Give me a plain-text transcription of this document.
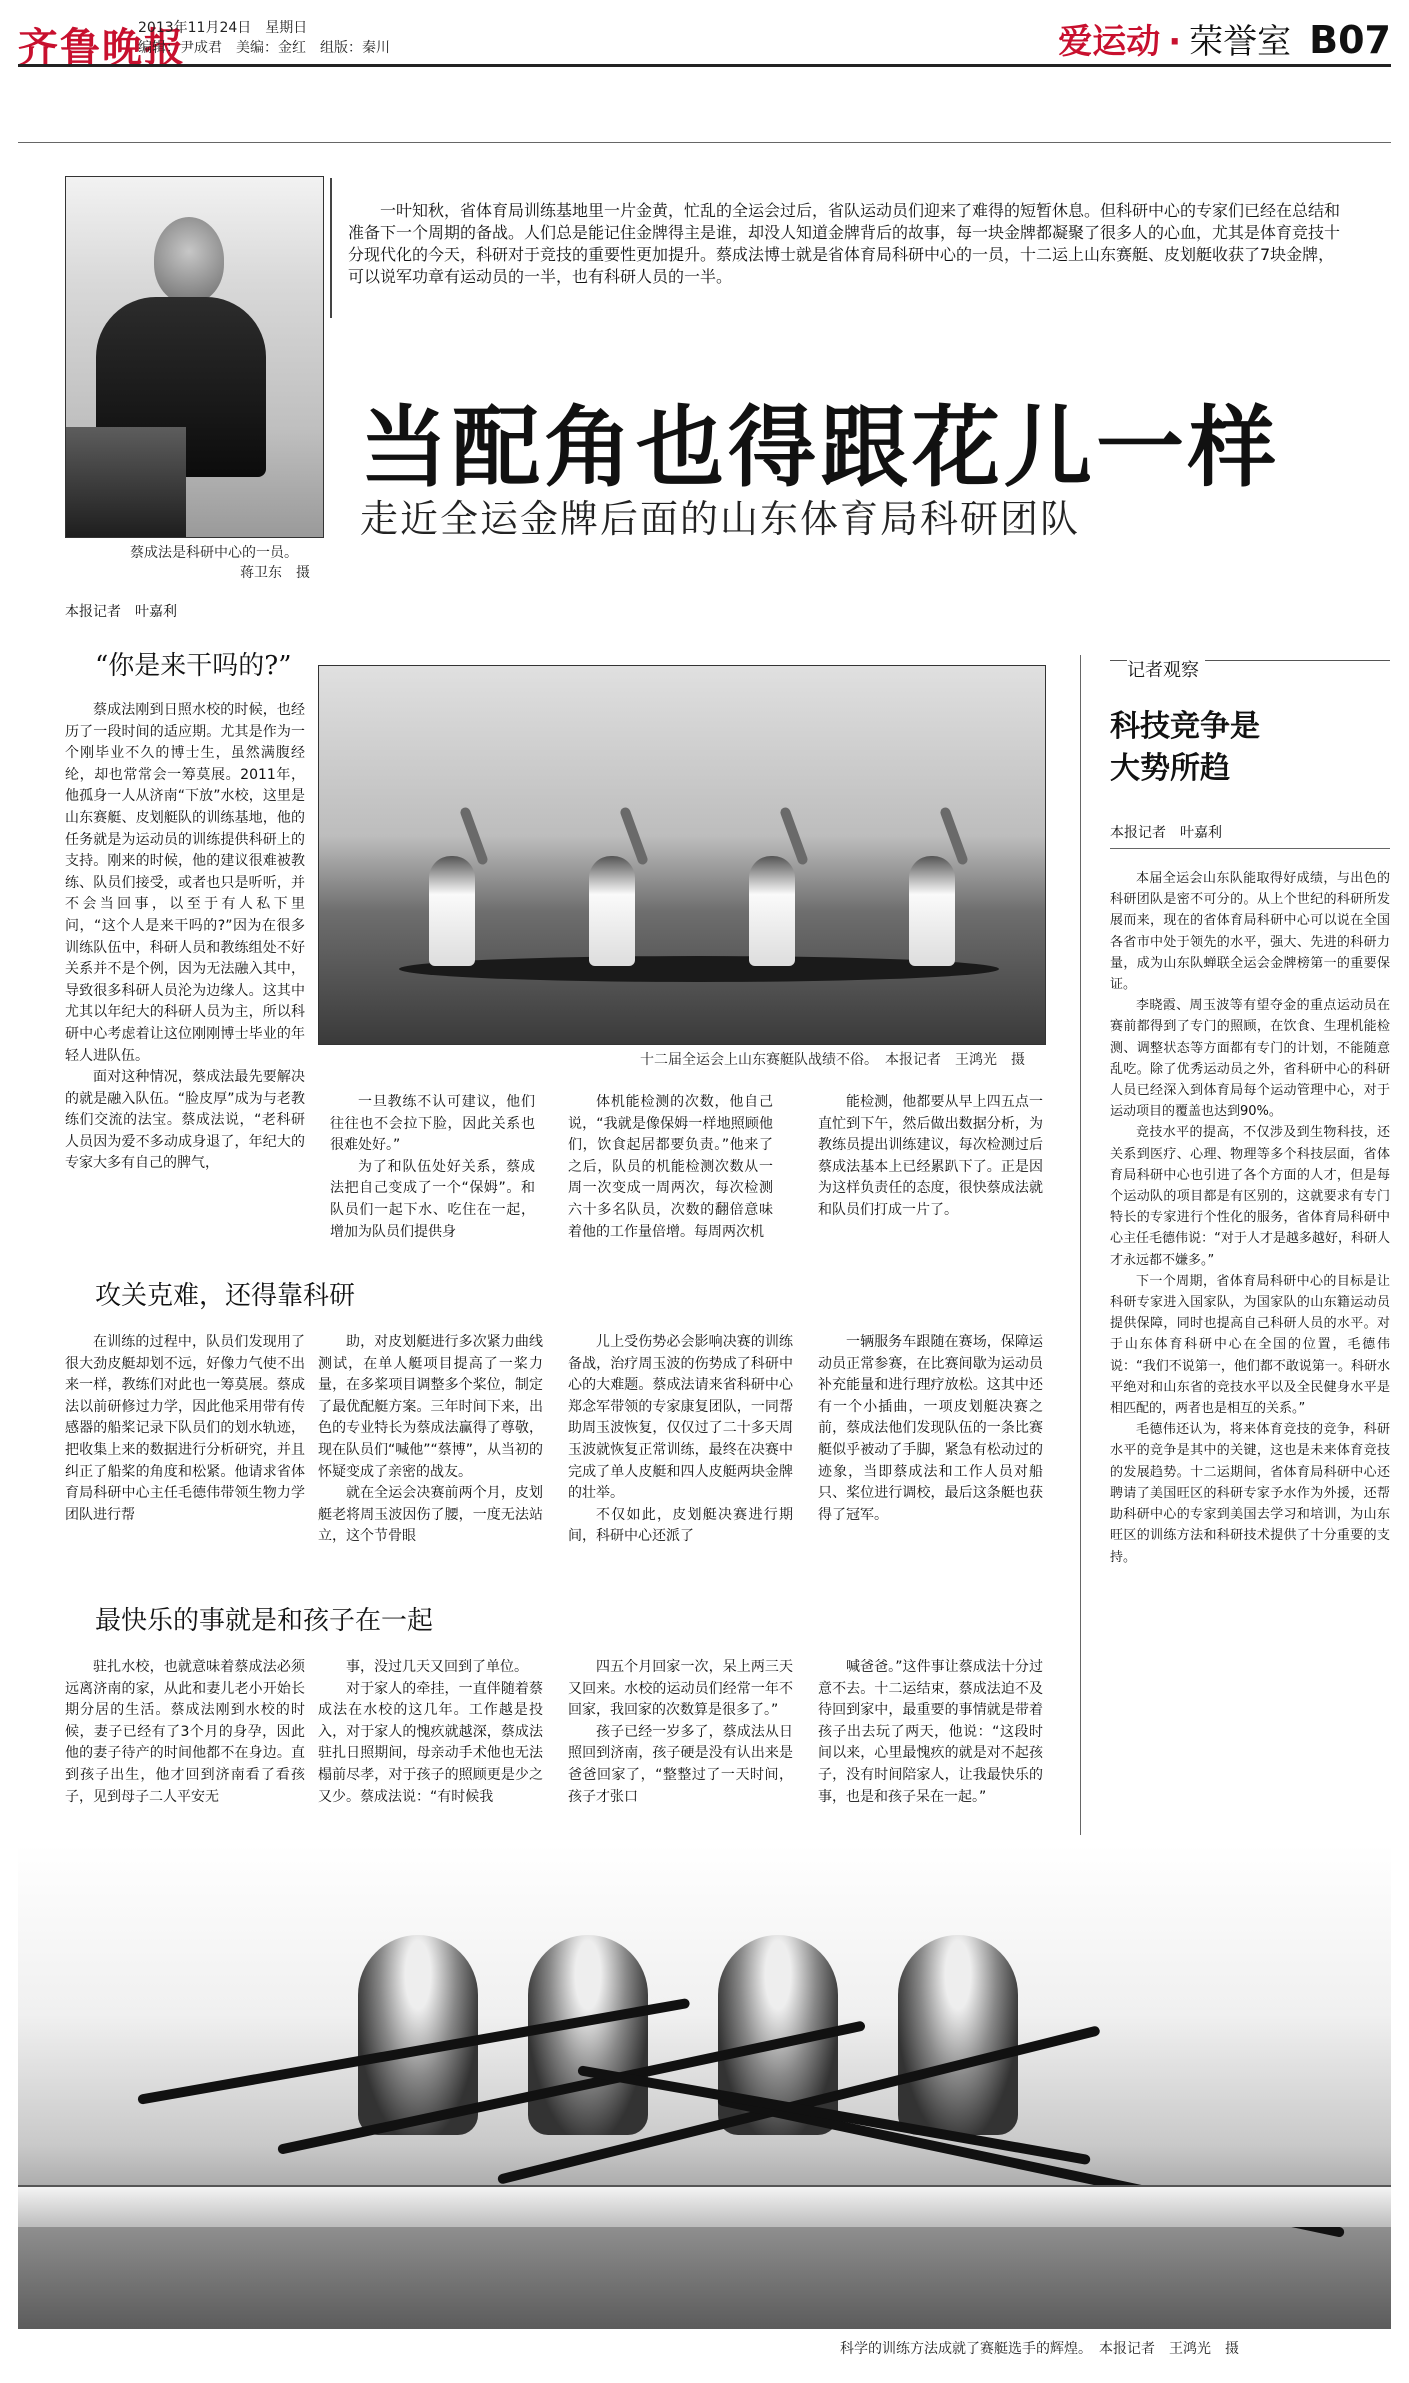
齐鲁晚报
2013年11月24日　星期日
编辑：尹成君　美编：金红　组版：秦川	爱运动 · 荣誉室 B07
蔡成法是科研中心的一员。
蒋卫东　摄
一叶知秋，省体育局训练基地里一片金黄，忙乱的全运会过后，省队运动员们迎来了难得的短暂休息。但科研中心的专家们已经在总结和准备下一个周期的备战。人们总是能记住金牌得主是谁，却没人知道金牌背后的故事，每一块金牌都凝聚了很多人的心血，尤其是体育竞技十分现代化的今天，科研对于竞技的重要性更加提升。蔡成法博士就是省体育局科研中心的一员，十二运上山东赛艇、皮划艇收获了7块金牌，可以说军功章有运动员的一半，也有科研人员的一半。
当配角也得跟花儿一样
走近全运金牌后面的山东体育局科研团队
本报记者　叶嘉利
“你是来干吗的?”

蔡成法刚到日照水校的时候，也经历了一段时间的适应期。尤其是作为一个刚毕业不久的博士生，虽然满腹经纶，却也常常会一筹莫展。2011年，他孤身一人从济南“下放”水校，这里是山东赛艇、皮划艇队的训练基地，他的任务就是为运动员的训练提供科研上的支持。刚来的时候，他的建议很难被教练、队员们接受，或者也只是听听，并不会当回事，以至于有人私下里问，“这个人是来干吗的?”因为在很多训练队伍中，科研人员和教练组处不好关系并不是个例，因为无法融入其中，导致很多科研人员沦为边缘人。这其中尤其以年纪大的科研人员为主，所以科研中心考虑着让这位刚刚博士毕业的年轻人进队伍。

面对这种情况，蔡成法最先要解决的就是融入队伍。“脸皮厚”成为与老教练们交流的法宝。蔡成法说，“老科研人员因为爱不多动成身退了，年纪大的专家大多有自己的脾气，

十二届全运会上山东赛艇队战绩不俗。　本报记者　王鸿光　摄

一旦教练不认可建议，他们往往也不会拉下脸，因此关系也很难处好。”

为了和队伍处好关系，蔡成法把自己变成了一个“保姆”。和队员们一起下水、吃住在一起，增加为队员们提供身

体机能检测的次数，他自己说，“我就是像保姆一样地照顾他们，饮食起居都要负责。”他来了之后，队员的机能检测次数从一周一次变成一周两次，每次检测六十多名队员，次数的翻倍意味着他的工作量倍增。每周两次机

能检测，他都要从早上四五点一直忙到下午，然后做出数据分析，为教练员提出训练建议，每次检测过后蔡成法基本上已经累趴下了。正是因为这样负责任的态度，很快蔡成法就和队员们打成一片了。

攻关克难，还得靠科研

在训练的过程中，队员们发现用了很大劲皮艇却划不远，好像力气使不出来一样，教练们对此也一筹莫展。蔡成法以前研修过力学，因此他采用带有传感器的船桨记录下队员们的划水轨迹，把收集上来的数据进行分析研究，并且纠正了船桨的角度和松紧。他请求省体育局科研中心主任毛德伟带领生物力学团队进行帮

助，对皮划艇进行多次紧力曲线测试，在单人艇项目提高了一桨力量，在多桨项目调整多个桨位，制定了最优配艇方案。三年时间下来，出色的专业特长为蔡成法赢得了尊敬，现在队员们“喊他”“蔡博”，从当初的怀疑变成了亲密的战友。

就在全运会决赛前两个月，皮划艇老将周玉波因伤了腰，一度无法站立，这个节骨眼

儿上受伤势必会影响决赛的训练备战，治疗周玉波的伤势成了科研中心的大难题。蔡成法请来省科研中心郑念军带领的专家康复团队，一同帮助周玉波恢复，仅仅过了二十多天周玉波就恢复正常训练，最终在决赛中完成了单人皮艇和四人皮艇两块金牌的壮举。

不仅如此，皮划艇决赛进行期间，科研中心还派了

一辆服务车跟随在赛场，保障运动员正常参赛，在比赛间歇为运动员补充能量和进行理疗放松。这其中还有一个小插曲，一项皮划艇决赛之前，蔡成法他们发现队伍的一条比赛艇似乎被动了手脚，紧急有松动过的迹象，当即蔡成法和工作人员对船只、桨位进行调校，最后这条艇也获得了冠军。

最快乐的事就是和孩子在一起

驻扎水校，也就意味着蔡成法必须远离济南的家，从此和妻儿老小开始长期分居的生活。蔡成法刚到水校的时候，妻子已经有了3个月的身孕，因此他的妻子待产的时间他都不在身边。直到孩子出生，他才回到济南看了看孩子，见到母子二人平安无

事，没过几天又回到了单位。

对于家人的牵挂，一直伴随着蔡成法在水校的这几年。工作越是投入，对于家人的愧疚就越深，蔡成法驻扎日照期间，母亲动手术他也无法榻前尽孝，对于孩子的照顾更是少之又少。蔡成法说：“有时候我

四五个月回家一次，呆上两三天又回来。水校的运动员们经常一年不回家，我回家的次数算是很多了。”

孩子已经一岁多了，蔡成法从日照回到济南，孩子硬是没有认出来是爸爸回家了，“整整过了一天时间，孩子才张口

喊爸爸。”这件事让蔡成法十分过意不去。十二运结束，蔡成法迫不及待回到家中，最重要的事情就是带着孩子出去玩了两天，他说：“这段时间以来，心里最愧疚的就是对不起孩子，没有时间陪家人，让我最快乐的事，也是和孩子呆在一起。”

记者观察
科技竞争是
大势所趋
本报记者　叶嘉利

本届全运会山东队能取得好成绩，与出色的科研团队是密不可分的。从上个世纪的科研所发展而来，现在的省体育局科研中心可以说在全国各省市中处于领先的水平，强大、先进的科研力量，成为山东队蝉联全运会金牌榜第一的重要保证。

李晓霞、周玉波等有望夺金的重点运动员在赛前都得到了专门的照顾，在饮食、生理机能检测、调整状态等方面都有专门的计划，不能随意乱吃。除了优秀运动员之外，省科研中心的科研人员已经深入到体育局每个运动管理中心，对于运动项目的覆盖也达到90%。

竞技水平的提高，不仅涉及到生物科技，还关系到医疗、心理、物理等多个科技层面，省体育局科研中心也引进了各个方面的人才，但是每个运动队的项目都是有区别的，这就要求有专门特长的专家进行个性化的服务，省体育局科研中心主任毛德伟说：“对于人才是越多越好，科研人才永远都不嫌多。”

下一个周期，省体育局科研中心的目标是让科研专家进入国家队，为国家队的山东籍运动员提供保障，同时也提高自己科研人员的水平。对于山东体育科研中心在全国的位置，毛德伟说：“我们不说第一，他们都不敢说第一。科研水平绝对和山东省的竞技水平以及全民健身水平是相匹配的，两者也是相互的关系。”

毛德伟还认为，将来体育竞技的竞争，科研水平的竞争是其中的关键，这也是未来体育竞技的发展趋势。十二运期间，省体育局科研中心还聘请了美国旺区的科研专家予水作为外援，还帮助科研中心的专家到美国去学习和培训，为山东旺区的训练方法和科研技术提供了十分重要的支持。

科学的训练方法成就了赛艇选手的辉煌。　本报记者　王鸿光　摄
